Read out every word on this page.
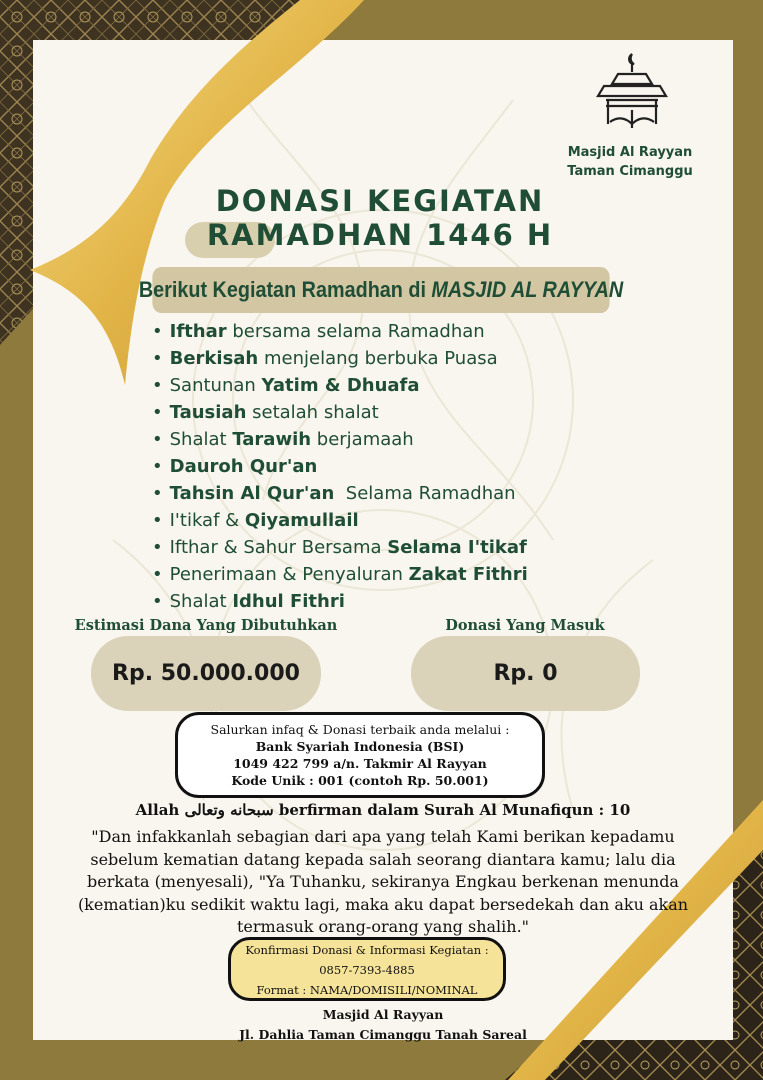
Masjid Al Rayyan
Taman Cimanggu
DONASI KEGIATAN
RAMADHAN 1446 H
Berikut Kegiatan Ramadhan di MASJID AL RAYYAN
• Ifthar bersama selama Ramadhan
• Berkisah menjelang berbuka Puasa
• Santunan Yatim & Dhuafa
• Tausiah setalah shalat
• Shalat Tarawih berjamaah
• Dauroh Qur'an
• Tahsin Al Qur'an  Selama Ramadhan
• I'tikaf & Qiyamullail
• Ifthar & Sahur Bersama Selama I'tikaf
• Penerimaan & Penyaluran Zakat Fithri
• Shalat Idhul Fithri
Estimasi Dana Yang Dibutuhkan	Donasi Yang Masuk
Rp. 50.000.000	Rp. 0
Salurkan infaq & Donasi terbaik anda melalui :
Bank Syariah Indonesia (BSI)
1049 422 799 a/n. Takmir Al Rayyan
Kode Unik : 001 (contoh Rp. 50.001)
Allah سبحانه وتعالى berfirman dalam Surah Al Munafiqun : 10
"Dan infakkanlah sebagian dari apa yang telah Kami berikan kepadamu sebelum kematian datang kepada salah seorang diantara kamu; lalu dia berkata (menyesali), "Ya Tuhanku, sekiranya Engkau berkenan menunda (kematian)ku sedikit waktu lagi, maka aku dapat bersedekah dan aku akan termasuk orang-orang yang shalih."
Konfirmasi Donasi & Informasi Kegiatan :
0857-7393-4885
Format : NAMA/DOMISILI/NOMINAL
Masjid Al Rayyan
Jl. Dahlia Taman Cimanggu Tanah Sareal
